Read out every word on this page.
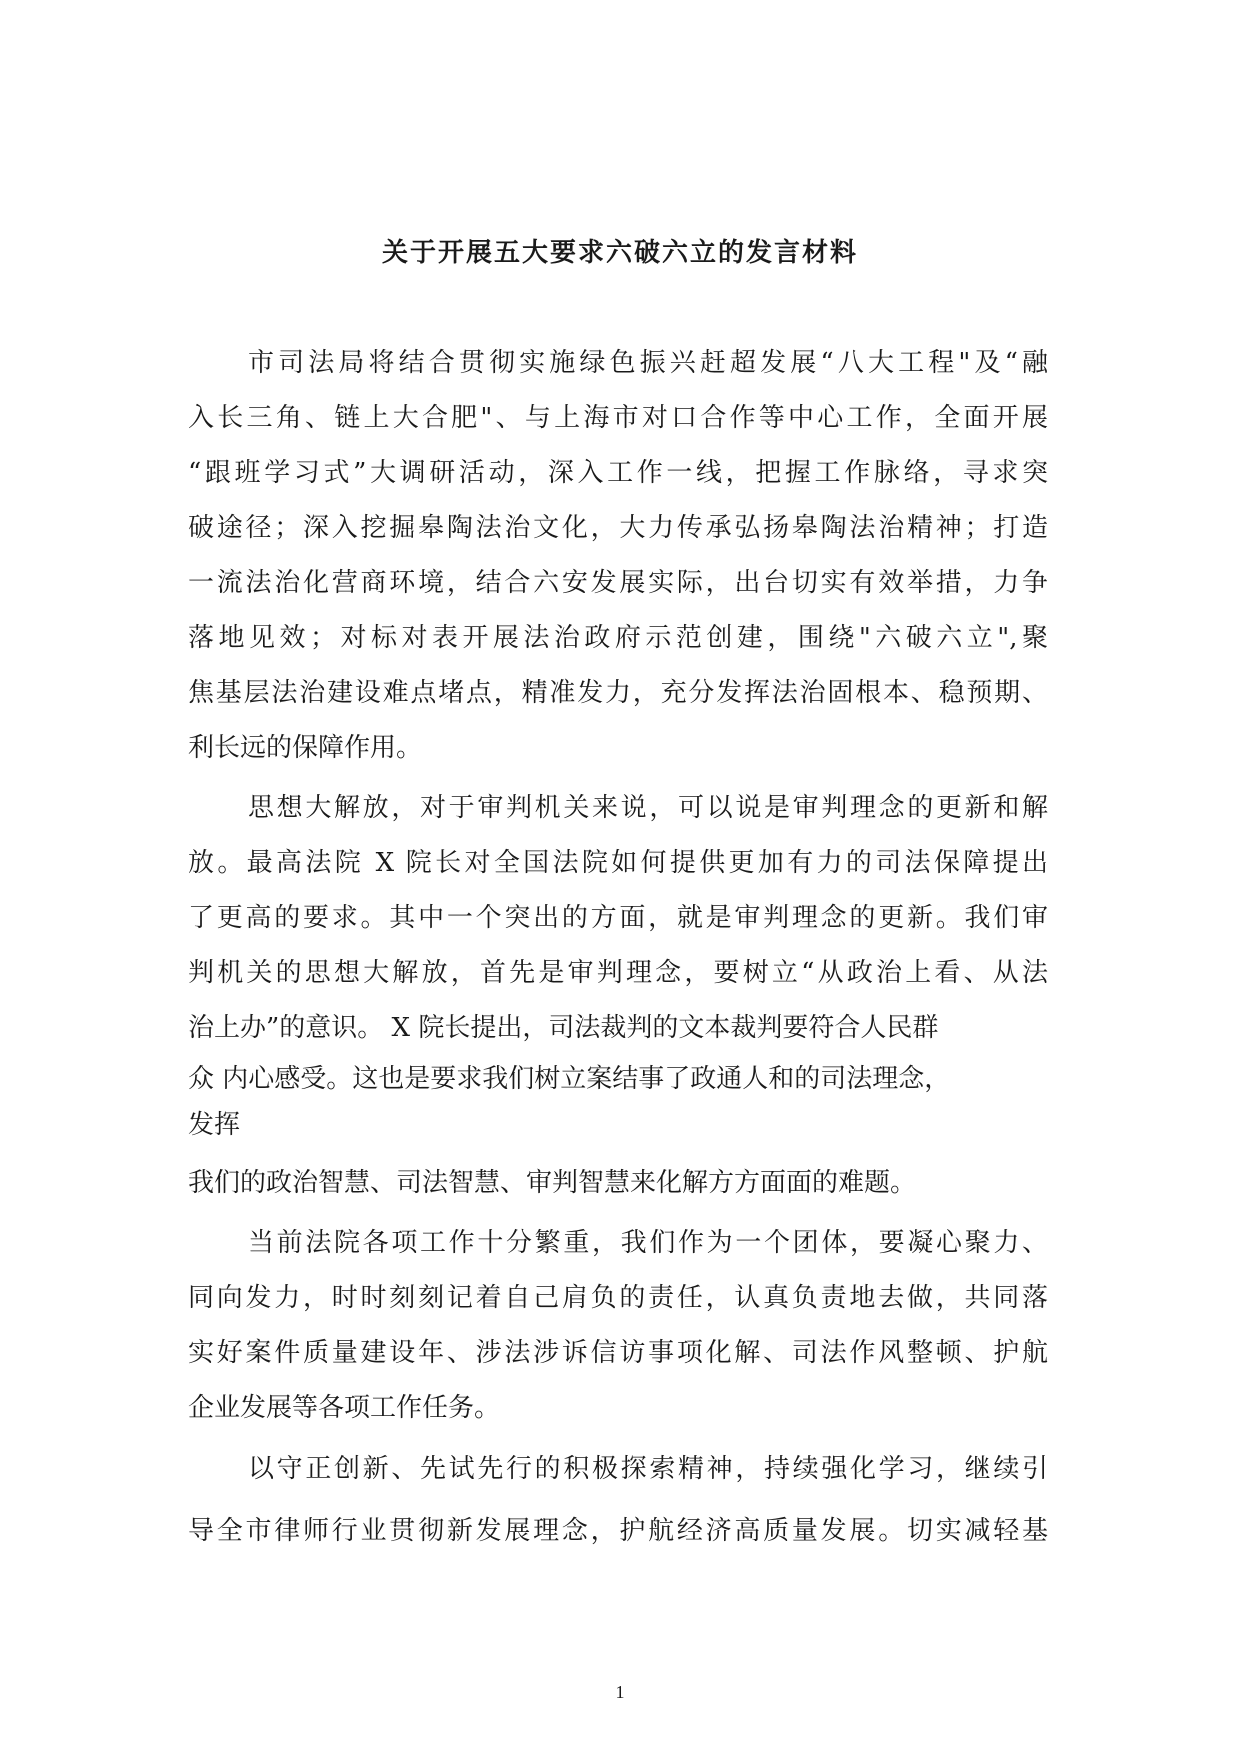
关于开展五大要求六破六立的发言材料

市司法局将结合贯彻实施绿色振兴赶超发展“八大工程"及“融

入长三角、链上大合肥"、与上海市对口合作等中心工作，全面开展

“跟班学习式”大调研活动，深入工作一线，把握工作脉络，寻求突

破途径；深入挖掘皋陶法治文化，大力传承弘扬皋陶法治精神；打造

一流法治化营商环境，结合六安发展实际，出台切实有效举措，力争

落地见效；对标对表开展法治政府示范创建，围绕"六破六立",聚

焦基层法治建设难点堵点，精准发力，充分发挥法治固根本、稳预期、

利长远的保障作用。

思想大解放，对于审判机关来说，可以说是审判理念的更新和解

放。最高法院 X 院长对全国法院如何提供更加有力的司法保障提出

了更高的要求。其中一个突出的方面，就是审判理念的更新。我们审

判机关的思想大解放，首先是审判理念，要树立“从政治上看、从法

治上办”的意识。 X 院长提出，司法裁判的文本裁判要符合人民群

众 内心感受。这也是要求我们树立案结事了政通人和的司法理念，

发挥

我们的政治智慧、司法智慧、审判智慧来化解方方面面的难题。

当前法院各项工作十分繁重，我们作为一个团体，要凝心聚力、

同向发力，时时刻刻记着自己肩负的责任，认真负责地去做，共同落

实好案件质量建设年、涉法涉诉信访事项化解、司法作风整顿、护航

企业发展等各项工作任务。

以守正创新、先试先行的积极探索精神，持续强化学习，继续引

导全市律师行业贯彻新发展理念，护航经济高质量发展。切实减轻基

1
